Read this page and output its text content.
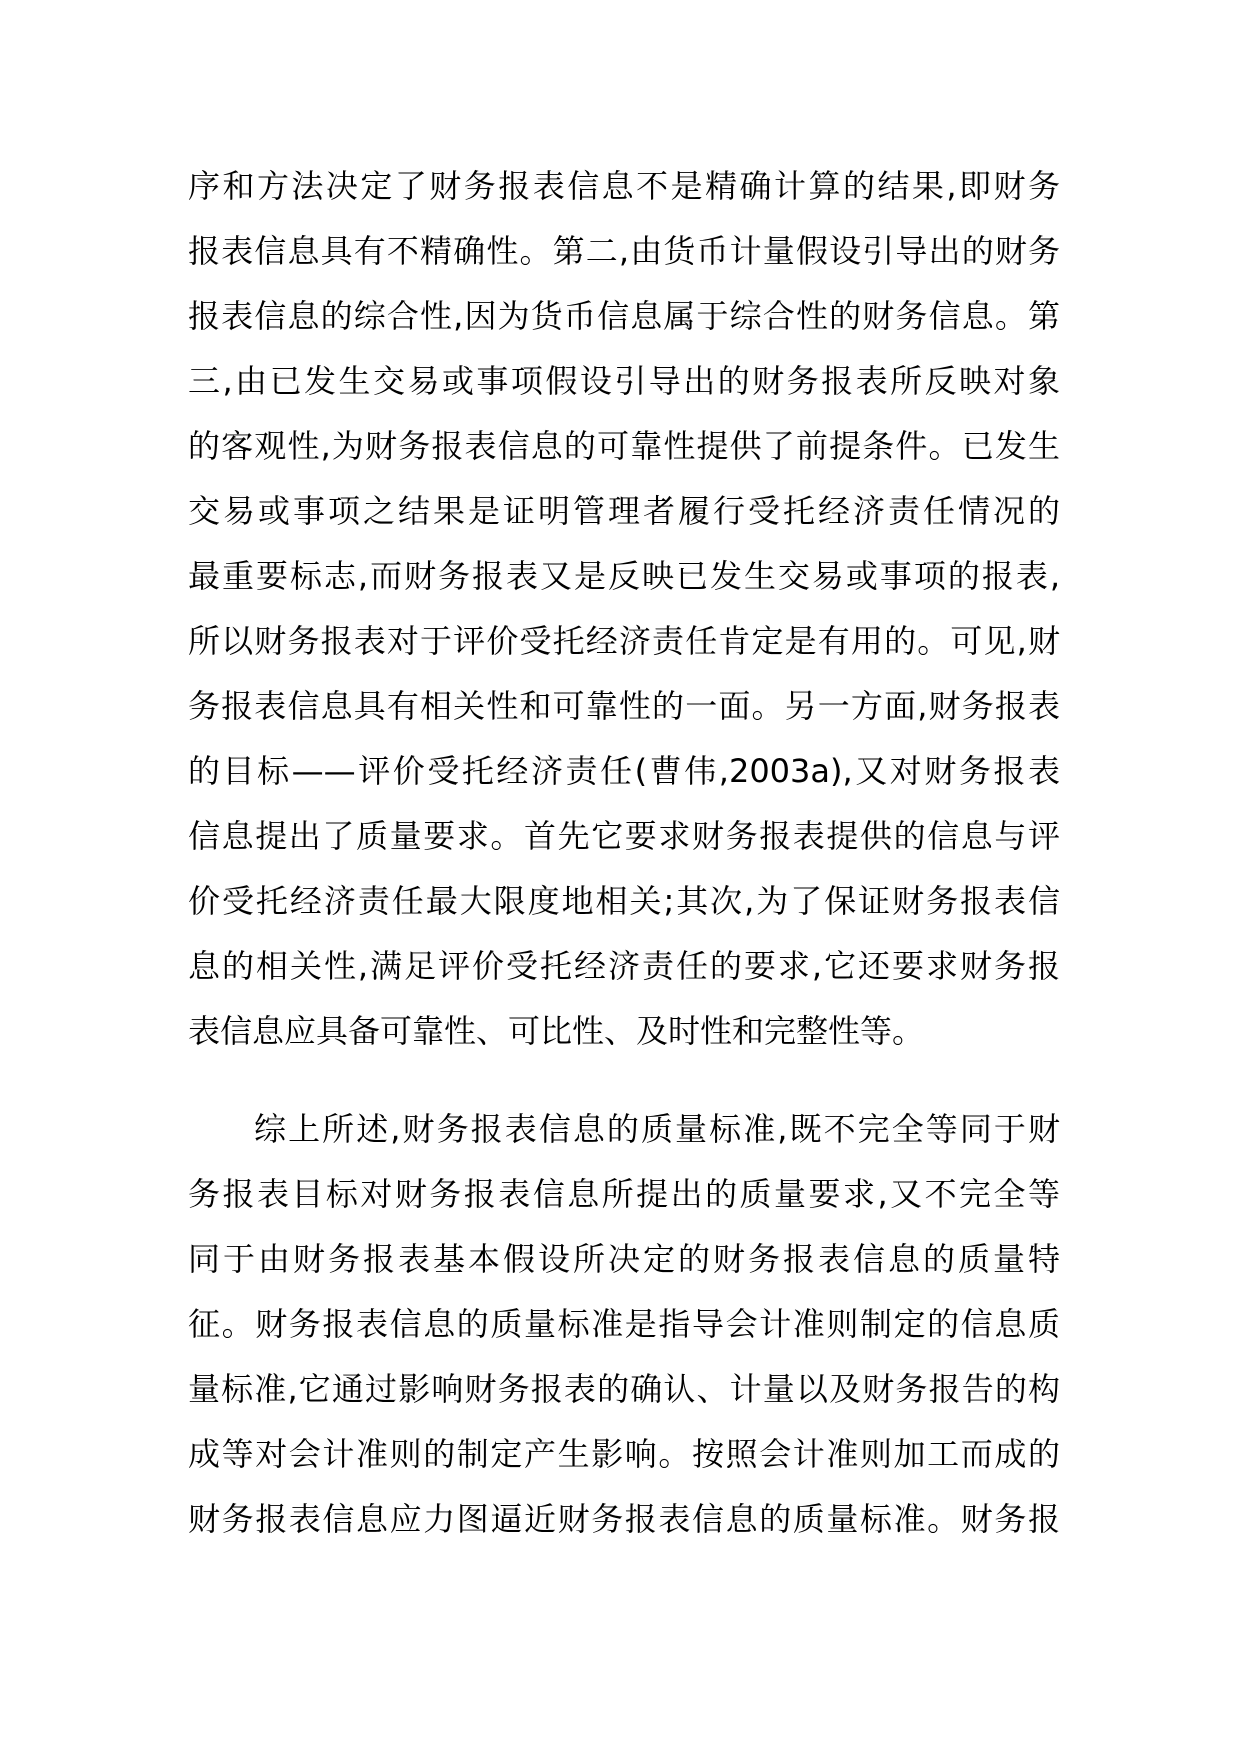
序和方法决定了财务报表信息不是精确计算的结果,即财务
报表信息具有不精确性。第二,由货币计量假设引导出的财务
报表信息的综合性,因为货币信息属于综合性的财务信息。第
三,由已发生交易或事项假设引导出的财务报表所反映对象
的客观性,为财务报表信息的可靠性提供了前提条件。已发生
交易或事项之结果是证明管理者履行受托经济责任情况的
最重要标志,而财务报表又是反映已发生交易或事项的报表,
所以财务报表对于评价受托经济责任肯定是有用的。可见,财
务报表信息具有相关性和可靠性的一面。另一方面,财务报表
的目标——评价受托经济责任(曹伟,2003a),又对财务报表
信息提出了质量要求。首先它要求财务报表提供的信息与评
价受托经济责任最大限度地相关;其次,为了保证财务报表信
息的相关性,满足评价受托经济责任的要求,它还要求财务报
表信息应具备可靠性、可比性、及时性和完整性等。
综上所述,财务报表信息的质量标准,既不完全等同于财
务报表目标对财务报表信息所提出的质量要求,又不完全等
同于由财务报表基本假设所决定的财务报表信息的质量特
征。财务报表信息的质量标准是指导会计准则制定的信息质
量标准,它通过影响财务报表的确认、计量以及财务报告的构
成等对会计准则的制定产生影响。按照会计准则加工而成的
财务报表信息应力图逼近财务报表信息的质量标准。财务报
